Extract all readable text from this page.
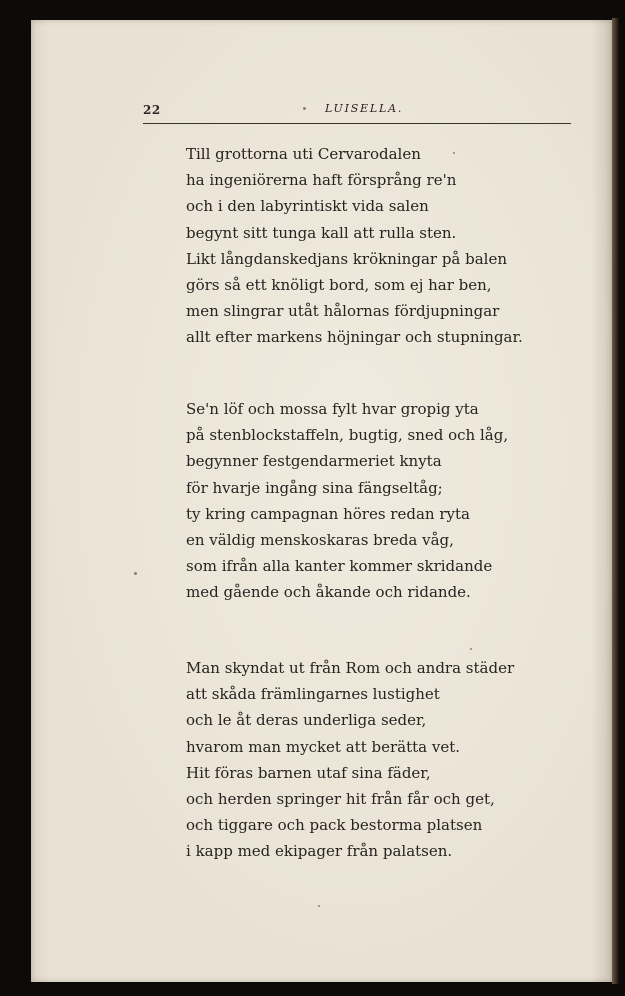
22	LUISELLA.
Till grottorna uti Cervarodalen
ha ingeniörerna haft försprång re'n
och i den labyrintiskt vida salen
begynt sitt tunga kall att rulla sten.
Likt långdanskedjans krökningar på balen
görs så ett knöligt bord, som ej har ben,
men slingrar utåt hålornas fördjupningar
allt efter markens höjningar och stupningar.
Se'n löf och mossa fylt hvar gropig yta
på stenblockstaffeln, bugtig, sned och låg,
begynner festgendarmeriet knyta
för hvarje ingång sina fängseltåg;
ty kring campagnan höres redan ryta
en väldig menskoskaras breda våg,
som ifrån alla kanter kommer skridande
med gående och åkande och ridande.
Man skyndat ut från Rom och andra städer
att skåda främlingarnes lustighet
och le åt deras underliga seder,
hvarom man mycket att berätta vet.
Hit föras barnen utaf sina fäder,
och herden springer hit från får och get,
och tiggare och pack bestorma platsen
i kapp med ekipager från palatsen.
